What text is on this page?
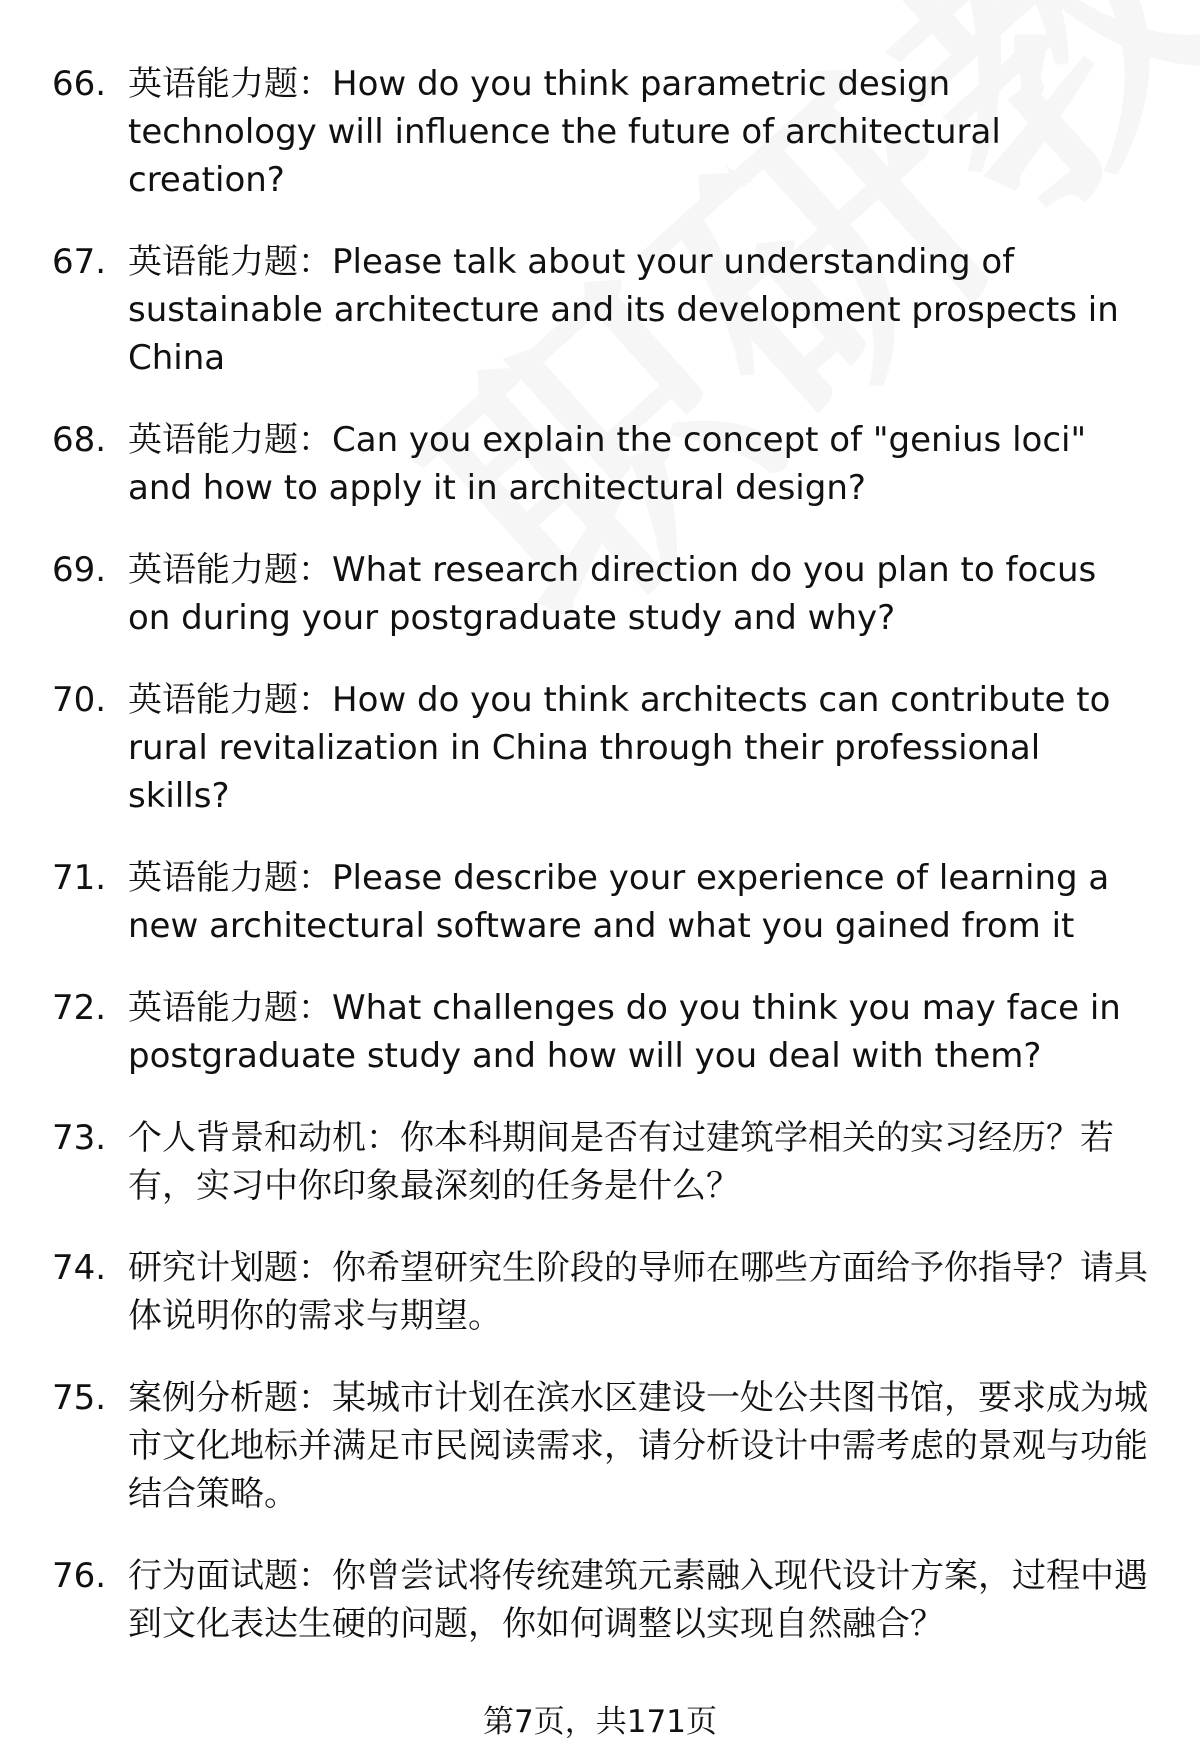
66. 英语能力题：How do you think parametric design technology will influence the future of architectural creation?
67. 英语能力题：Please talk about your understanding of sustainable architecture and its development prospects in China
68. 英语能力题：Can you explain the concept of "genius loci" and how to apply it in architectural design?
69. 英语能力题：What research direction do you plan to focus on during your postgraduate study and why?
70. 英语能力题：How do you think architects can contribute to rural revitalization in China through their professional skills?
71. 英语能力题：Please describe your experience of learning a new architectural software and what you gained from it
72. 英语能力题：What challenges do you think you may face in postgraduate study and how will you deal with them?
73. 个人背景和动机：你本科期间是否有过建筑学相关的实习经历？若有，实习中你印象最深刻的任务是什么？
74. 研究计划题：你希望研究生阶段的导师在哪些方面给予你指导？请具体说明你的需求与期望。
75. 案例分析题：某城市计划在滨水区建设一处公共图书馆，要求成为城市文化地标并满足市民阅读需求，请分析设计中需考虑的景观与功能结合策略。
76. 行为面试题：你曾尝试将传统建筑元素融入现代设计方案，过程中遇到文化表达生硬的问题，你如何调整以实现自然融合？
第7页，共171页
